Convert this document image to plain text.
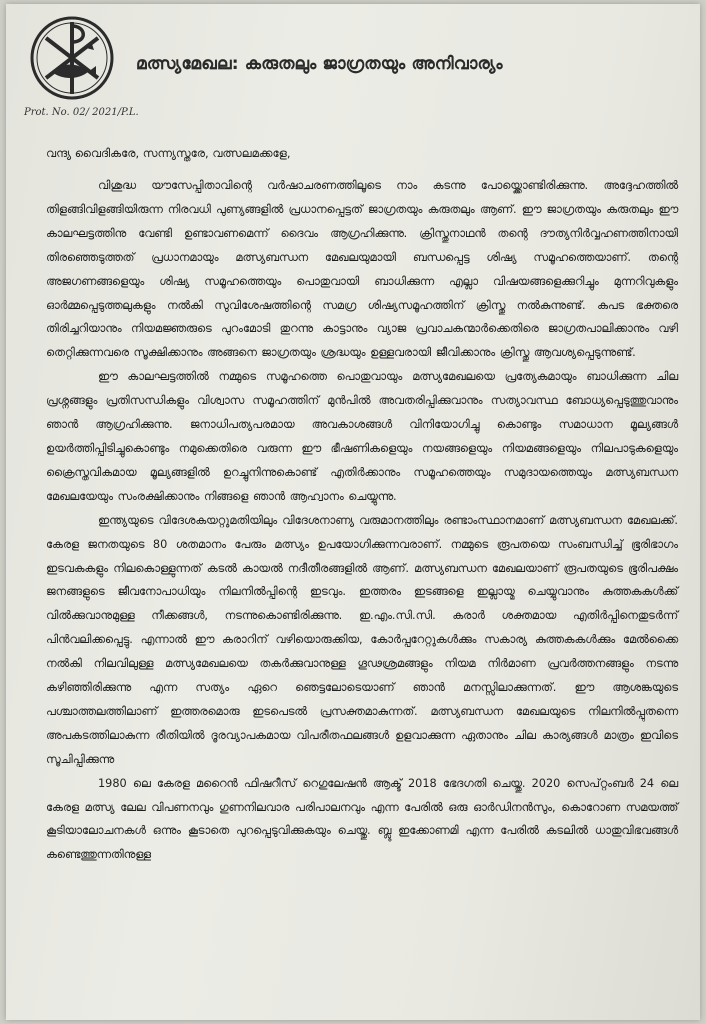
മത്സ്യമേഖല: കരുതലും ജാഗ്രതയും അനിവാര്യം
Prot. No. 02/ 2021/P.L.
വന്ദ്യ വൈദികരേ, സന്ന്യസ്തരേ, വത്സലമക്കളേ,

വിശുദ്ധ യൗസേപ്പിതാവിന്റെ വർഷാചരണത്തിലൂടെ നാം കടന്നു പോയ്ക്കൊണ്ടിരിക്കുന്നു. അദ്ദേഹത്തിൽ തിളങ്ങിവിളങ്ങിയിരുന്ന നിരവധി പുണ്യങ്ങളിൽ പ്രധാനപ്പെട്ടത് ജാഗ്രതയും കരുതലും ആണ്. ഈ ജാഗ്രതയും കരുതലും ഈ കാലഘട്ടത്തിനു വേണ്ടി ഉണ്ടാവണമെന്ന് ദൈവം ആഗ്രഹിക്കുന്നു. ക്രിസ്തുനാഥൻ തന്റെ ദൗത്യനിർവ്വഹണത്തിനായി തിരഞ്ഞെടുത്തത് പ്രധാനമായും മത്സ്യബന്ധന മേഖലയുമായി ബന്ധപ്പെട്ട ശിഷ്യ സമൂഹത്തെയാണ്. തന്റെ അജഗണങ്ങളെയും ശിഷ്യ സമൂഹത്തെയും പൊതുവായി ബാധിക്കുന്ന എല്ലാ വിഷയങ്ങളെക്കുറിച്ചും മുന്നറിവുകളും ഓർമ്മപ്പെടുത്തലുകളും നൽകി സുവിശേഷത്തിന്റെ സമഗ്ര ശിഷ്യസമൂഹത്തിന് ക്രിസ്തു നൽകുന്നുണ്ട്. കപട ഭക്തരെ തിരിച്ചറിയാനും നിയമജ്ഞരുടെ പുറംമോടി തുറന്നു കാട്ടാനും വ്യാജ പ്രവാചകന്മാർക്കെതിരെ ജാഗ്രതപാലിക്കാനും വഴി തെറ്റിക്കുന്നവരെ സൂക്ഷിക്കാനും അങ്ങനെ ജാഗ്രതയും ശ്രദ്ധയും ഉള്ളവരായി ജീവിക്കാനും ക്രിസ്തു ആവശ്യപ്പെടുന്നുണ്ട്.

ഈ കാലഘട്ടത്തിൽ നമ്മുടെ സമൂഹത്തെ പൊതുവായും മത്സ്യമേഖലയെ പ്രത്യേകമായും ബാധിക്കുന്ന ചില പ്രശ്നങ്ങളും പ്രതിസന്ധികളും വിശ്വാസ സമൂഹത്തിന് മുൻപിൽ അവതരിപ്പിക്കുവാനും സത്യാവസ്ഥ ബോധ്യപ്പെടുത്തുവാനും ഞാൻ ആഗ്രഹിക്കുന്നു. ജനാധിപത്യപരമായ അവകാശങ്ങൾ വിനിയോഗിച്ചു കൊണ്ടും സമാധാന മൂല്യങ്ങൾ ഉയർത്തിപ്പിടിച്ചുകൊണ്ടും നമുക്കെതിരെ വരുന്ന ഈ ഭീഷണികളെയും നയങ്ങളെയും നിയമങ്ങളെയും നിലപാടുകളെയും ക്രൈസ്തവികമായ മൂല്യങ്ങളിൽ ഉറച്ചുനിന്നുകൊണ്ട് എതിർക്കാനും സമൂഹത്തെയും സമുദായത്തെയും മത്സ്യബന്ധന മേഖലയേയും സംരക്ഷിക്കാനും നിങ്ങളെ ഞാൻ ആഹ്വാനം ചെയ്യുന്നു.

ഇന്ത്യയുടെ വിദേശകയറ്റുമതിയിലും വിദേശനാണ്യ വരുമാനത്തിലും രണ്ടാംസ്ഥാനമാണ് മത്സ്യബന്ധന മേഖലക്ക്. കേരള ജനതയുടെ 80 ശതമാനം പേരും മത്സ്യം ഉപയോഗിക്കുന്നവരാണ്. നമ്മുടെ രൂപതയെ സംബന്ധിച്ച് ഭൂരിഭാഗം ഇടവകകളും നിലകൊള്ളുന്നത് കടൽ കായൽ നദീതീരങ്ങളിൽ ആണ്. മത്സ്യബന്ധന മേഖലയാണ് രൂപതയുടെ ഭൂരിപക്ഷം ജനങ്ങളുടെ ജീവനോപാധിയും നിലനിൽപ്പിന്റെ ഇടവും. ഇത്തരം ഇടങ്ങളെ ഇല്ലായ്മ ചെയ്യുവാനും കുത്തകകൾക്ക് വിൽക്കുവാനുമുള്ള നീക്കങ്ങൾ, നടന്നുകൊണ്ടിരിക്കുന്നു. ഇ.എം.സി.സി. കരാർ ശക്തമായ എതിർപ്പിനെതുടർന്ന് പിൻവലിക്കപ്പെട്ടു. എന്നാൽ ഈ കരാറിന് വഴിയൊരുക്കിയ, കോർപ്പറേറ്റുകൾക്കും സകാര്യ കുത്തകകൾക്കും മേൽക്കൈ നൽകി നിലവിലുള്ള മത്സ്യമേഖലയെ തകർക്കുവാനുള്ള ഗൂഢശ്രമങ്ങളും നിയമ നിർമാണ പ്രവർത്തനങ്ങളും നടന്നു കഴിഞ്ഞിരിക്കുന്നു എന്ന സത്യം ഏറെ ഞെട്ടലോടെയാണ് ഞാൻ മനസ്സിലാക്കുന്നത്. ഈ ആശങ്കയുടെ പശ്ചാത്തലത്തിലാണ് ഇത്തരമൊരു ഇടപെടൽ പ്രസക്തമാകുന്നത്. മത്സ്യബന്ധന മേഖലയുടെ നിലനിൽപ്പുതന്നെ അപകടത്തിലാകുന്ന രീതിയിൽ ദൂരവ്യാപകമായ വിപരീതഫലങ്ങൾ ഉളവാക്കുന്ന ഏതാനും ചില കാര്യങ്ങൾ മാത്രം ഇവിടെ സൂചിപ്പിക്കുന്നു

1980 ലെ കേരള മറൈൻ ഫിഷറീസ് റെഗുലേഷൻ ആക്ട് 2018 ഭേദഗതി ചെയ്തു. 2020 സെപ്റ്റംബർ 24 ലെ കേരള മത്സ്യ ലേല വിപണനവും ഗുണനിലവാര പരിപാലനവും എന്ന പേരിൽ ഒരു ഓർഡിനൻസും, കൊറോണ സമയത്ത് കൂടിയാലോചനകൾ ഒന്നും കൂടാതെ പുറപ്പെടുവിക്കുകയും ചെയ്തു. ബ്ലൂ ഇക്കോണമി എന്ന പേരിൽ കടലിൽ ധാതുവിഭവങ്ങൾ കണ്ടെത്തുന്നതിനുള്ള
